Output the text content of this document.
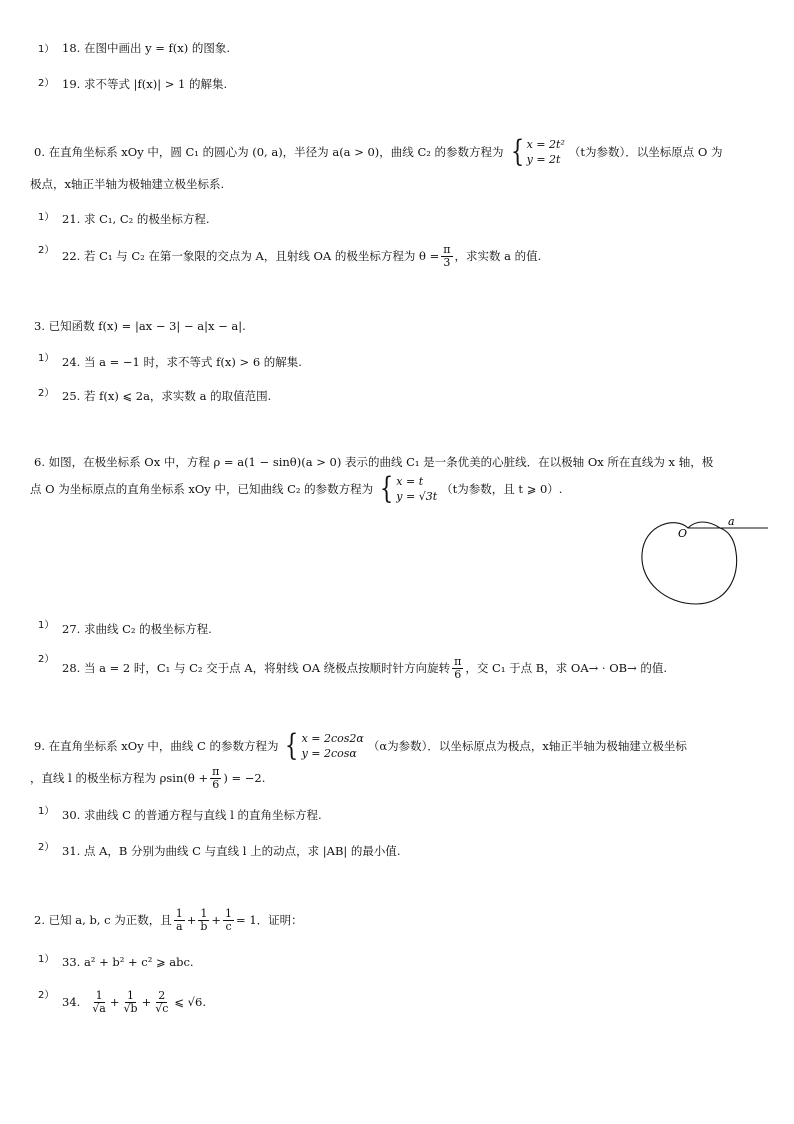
1） 18. 在图中画出 y = f(x) 的图象.
2） 19. 求不等式 |f(x)| > 1 的解集.
0. 在直角坐标系 xOy 中，圆 C₁ 的圆心为 (0, a)，半径为 a(a > 0)，曲线 C₂ 的参数方程为 { x = 2t²
y = 2t
（t为参数）．以坐标原点 O 为
极点，x轴正半轴为极轴建立极坐标系.
1） 21. 求 C₁, C₂ 的极坐标方程.
2） 22. 若 C₁ 与 C₂ 在第一象限的交点为 A，且射线 OA 的极坐标方程为 $\theta = \frac{\pi}{3}$ ，求实数 a 的值.
3. 已知函数 f(x) = |ax − 3| − a|x − a|.
1） 24. 当 a = −1 时，求不等式 f(x) > 6 的解集.
2） 25. 若 f(x) ⩽ 2a，求实数 a 的取值范围.
6. 如图，在极坐标系 Ox 中，方程 ρ = a(1 − sinθ)(a > 0) 表示的曲线 C₁ 是一条优美的心脏线．在以极轴 Ox 所在直线为 x 轴，极
点 O 为坐标原点的直角坐标系 xOy 中，已知曲线 C₂ 的参数方程为 { x = t
y = √3t
（t为参数，且 t ⩾ 0）.
O
a
1） 27. 求曲线 C₂ 的极坐标方程.
2）
28. 当 a = 2 时，C₁ 与 C₂ 交于点 A，将射线 OA 绕极点按顺时针方向旋转 $\frac{\pi}{6}$ ，交 C₁ 于点 B，求 OA→ · OB→ 的值.
9. 在直角坐标系 xOy 中，曲线 C 的参数方程为 { x = 2cos2α
y = 2cosα
（α为参数）．以坐标原点为极点，x轴正半轴为极轴建立极坐标
，直线 l 的极坐标方程为 $\rho\sin(\theta + \frac{\pi}{6}$ ) = −2.
1） 30. 求曲线 C 的普通方程与直线 l 的直角坐标方程.
2） 31. 点 A，B 分别为曲线 C 与直线 l 上的动点，求 |AB| 的最小值.
2. 已知 a, b, c 为正数，且 $\frac{1}{a} + \frac{1}{b} + \frac{1}{c} = 1$．证明：
1） 33. a² + b² + c² ⩾ abc.
2） 34. $\frac{1}{√a} + \frac{1}{√b} + \frac{2}{√c}$ ⩽ √6.
